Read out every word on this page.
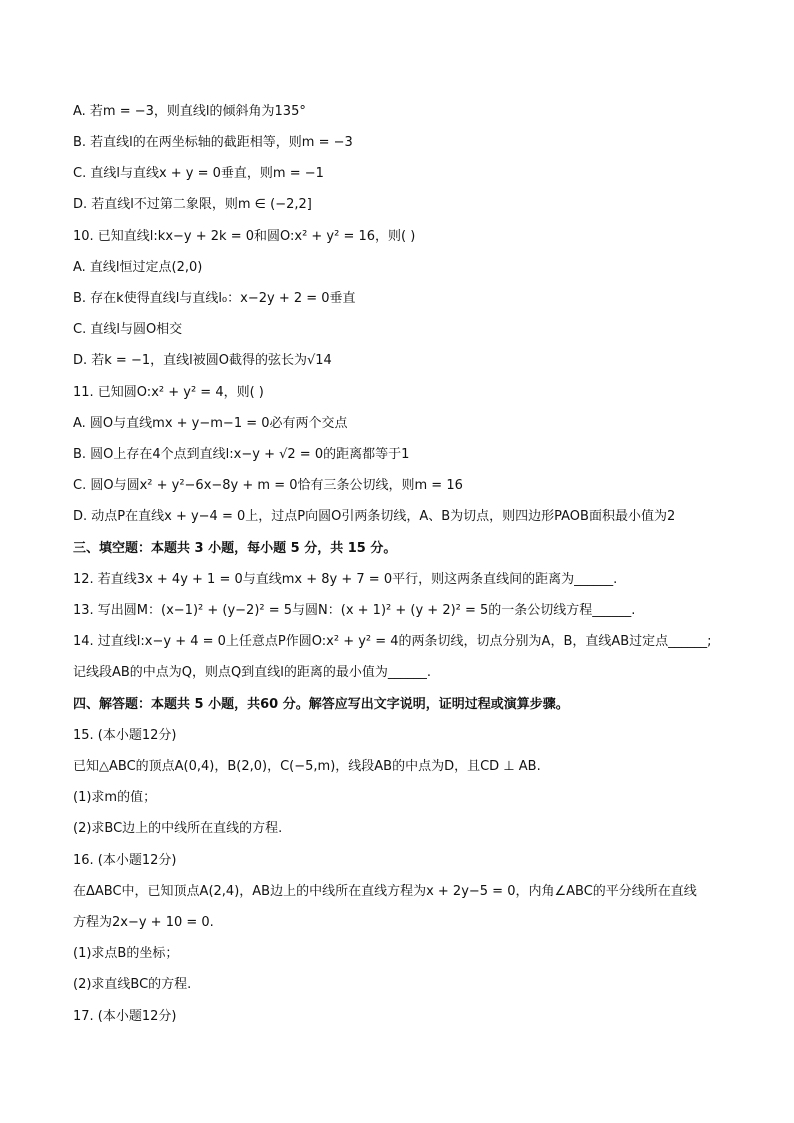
A. 若m = −3，则直线l的倾斜角为135°
B. 若直线l的在两坐标轴的截距相等，则m = −3
C. 直线l与直线x + y = 0垂直，则m = −1
D. 若直线l不过第二象限，则m ∈ (−2,2]
10. 已知直线l:kx−y + 2k = 0和圆O:x² + y² = 16，则( )
A. 直线l恒过定点(2,0)
B. 存在k使得直线l与直线l₀：x−2y + 2 = 0垂直
C. 直线l与圆O相交
D. 若k = −1，直线l被圆O截得的弦长为√14
11. 已知圆O:x² + y² = 4，则( )
A. 圆O与直线mx + y−m−1 = 0必有两个交点
B. 圆O上存在4个点到直线l:x−y + √2 = 0的距离都等于1
C. 圆O与圆x² + y²−6x−8y + m = 0恰有三条公切线，则m = 16
D. 动点P在直线x + y−4 = 0上，过点P向圆O引两条切线，A、B为切点，则四边形PAOB面积最小值为2
三、填空题：本题共 3 小题，每小题 5 分，共 15 分。
12. 若直线3x + 4y + 1 = 0与直线mx + 8y + 7 = 0平行，则这两条直线间的距离为______.
13. 写出圆M：(x−1)² + (y−2)² = 5与圆N：(x + 1)² + (y + 2)² = 5的一条公切线方程______.
14. 过直线l:x−y + 4 = 0上任意点P作圆O:x² + y² = 4的两条切线，切点分别为A，B，直线AB过定点______;
记线段AB的中点为Q，则点Q到直线l的距离的最小值为______.
四、解答题：本题共 5 小题，共60 分。解答应写出文字说明，证明过程或演算步骤。
15. (本小题12分)
已知△ABC的顶点A(0,4)，B(2,0)，C(−5,m)，线段AB的中点为D，且CD ⊥ AB.
(1)求m的值；
(2)求BC边上的中线所在直线的方程.
16. (本小题12分)
在ΔABC中，已知顶点A(2,4)，AB边上的中线所在直线方程为x + 2y−5 = 0，内角∠ABC的平分线所在直线
方程为2x−y + 10 = 0.
(1)求点B的坐标；
(2)求直线BC的方程.
17. (本小题12分)
